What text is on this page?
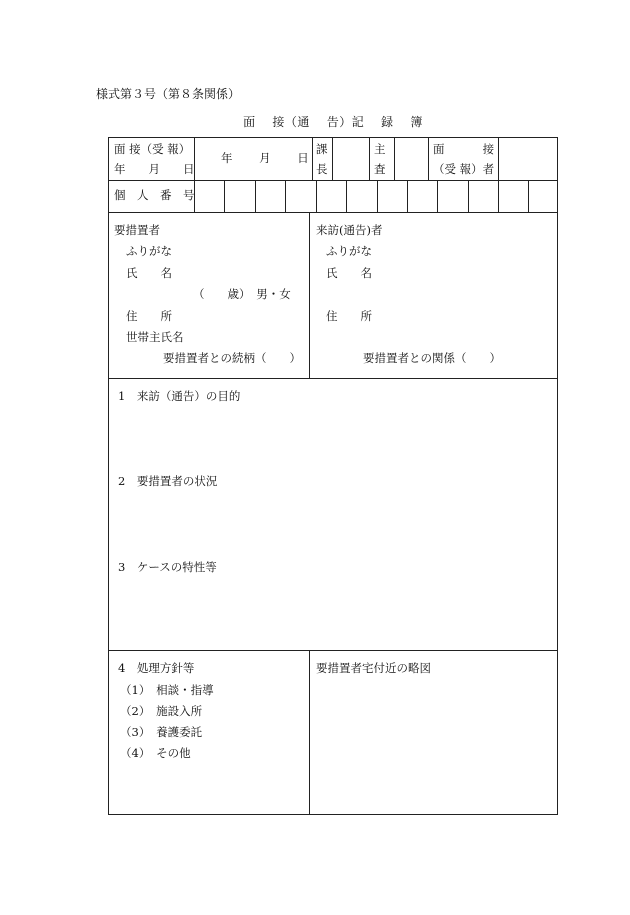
様式第３号（第８条関係）
面　 接（通　 告）記　 録　 簿
面 接（受 報）
年　　月　　日
年　　 月　　 日
課
長
主
査
面　　　 接
（受 報）者
個　人　番　号
要措置者
ふりがな
氏　　名
（　　歳）　男・女
住　　所
世帯主氏名
要措置者との続柄（　　）
来訪(通告)者
ふりがな
氏　　名
住　　所
要措置者との関係（　　）
1　来訪（通告）の目的
2　要措置者の状況
3　ケースの特性等
4　処理方針等
（1）　相談・指導
（2）　施設入所
（3）　養護委託
（4）　その他
要措置者宅付近の略図
